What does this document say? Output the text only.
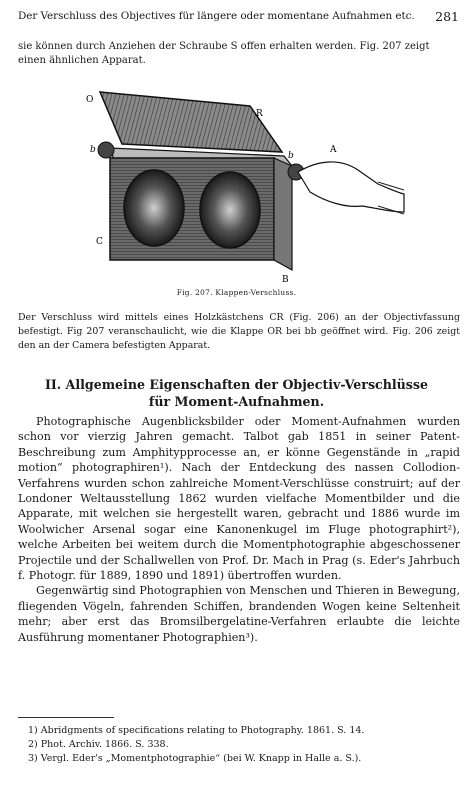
Der Verschluss des Objectives für längere oder momentane Aufnahmen etc. 281
sie können durch Anziehen der Schraube S offen erhalten werden. Fig. 207 zeigt einen ähnlichen Apparat.
O
R
b
b
C
B
A
Fig. 207. Klappen-Verschluss.
Der Verschluss wird mittels eines Holzkästchens CR (Fig. 206) an der Objectivfassung befestigt. Fig 207 veranschaulicht, wie die Klappe OR bei bb geöffnet wird. Fig. 206 zeigt den an der Camera befestigten Apparat.
II. Allgemeine Eigenschaften der Objectiv-Verschlüsse
für Moment-Aufnahmen.

Photographische Augenblicksbilder oder Moment-Aufnahmen wurden schon vor vierzig Jahren gemacht. Talbot gab 1851 in seiner Patent-Beschreibung zum Amphitypprocesse an, er könne Gegenstände in „rapid motion“ photographiren¹). Nach der Entdeckung des nassen Collodion-Verfahrens wurden schon zahlreiche Moment-Verschlüsse construirt; auf der Londoner Weltausstellung 1862 wurden vielfache Momentbilder und die Apparate, mit welchen sie hergestellt waren, gebracht und 1886 wurde im Woolwicher Arsenal sogar eine Kanonenkugel im Fluge photographirt²), welche Arbeiten bei weitem durch die Momentphotographie abgeschossener Projectile und der Schallwellen von Prof. Dr. Mach in Prag (s. Eder's Jahrbuch f. Photogr. für 1889, 1890 und 1891) übertroffen wurden.

Gegenwärtig sind Photographien von Menschen und Thieren in Bewegung, fliegenden Vögeln, fahrenden Schiffen, brandenden Wogen keine Seltenheit mehr; aber erst das Bromsilbergelatine-Verfahren erlaubte die leichte Ausführung momentaner Photographien³).

1) Abridgments of specifications relating to Photography. 1861. S. 14.
2) Phot. Archiv. 1866. S. 338.
3) Vergl. Eder's „Momentphotographie“ (bei W. Knapp in Halle a. S.).
